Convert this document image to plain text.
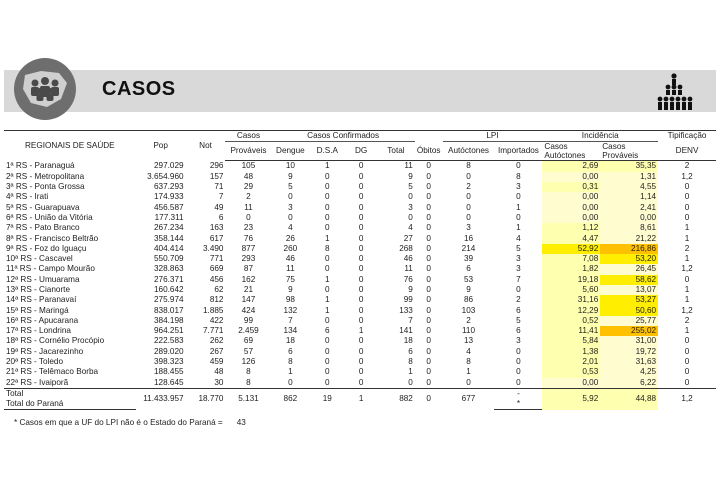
CASOS
REGIONAIS DE SAÚDE	Pop	Not	Casos	Casos Confirmados					LPI		Incidência		Tipificação
			Prováveis	Dengue	D.S.A	DG	Total	Óbitos	Autóctones	Importados	Casos Autóctones	Casos Prováveis	DENV
1ª RS - Paranaguá	297.029	296	105	10	1	0	11	0	8	0	2,69	35,35	2
2ª RS - Metropolitana	3.654.960	157	48	9	0	0	9	0	0	8	0,00	1,31	1,2
3ª RS - Ponta Grossa	637.293	71	29	5	0	0	5	0	2	3	0,31	4,55	0
4ª RS - Irati	174.933	7	2	0	0	0	0	0	0	0	0,00	1,14	0
5ª RS - Guarapuava	456.587	49	11	3	0	0	3	0	0	1	0,00	2,41	0
6ª RS - União da Vitória	177.311	6	0	0	0	0	0	0	0	0	0,00	0,00	0
7ª RS - Pato Branco	267.234	163	23	4	0	0	4	0	3	1	1,12	8,61	1
8ª RS - Francisco Beltrão	358.144	617	76	26	1	0	27	0	16	4	4,47	21,22	1
9ª RS - Foz do Iguaçu	404.414	3.490	877	260	8	0	268	0	214	5	52,92	216,86	2
10ª RS - Cascavel	550.709	771	293	46	0	0	46	0	39	3	7,08	53,20	1
11ª RS - Campo Mourão	328.863	669	87	11	0	0	11	0	6	3	1,82	26,45	1,2
12ª RS - Umuarama	276.371	456	162	75	1	0	76	0	53	7	19,18	58,62	0
13ª RS - Cianorte	160.642	62	21	9	0	0	9	0	9	0	5,60	13,07	1
14ª RS - Paranavaí	275.974	812	147	98	1	0	99	0	86	2	31,16	53,27	1
15ª RS - Maringá	838.017	1.885	424	132	1	0	133	0	103	6	12,29	50,60	1,2
16ª RS - Apucarana	384.198	422	99	7	0	0	7	0	2	5	0,52	25,77	2
17ª RS - Londrina	964.251	7.771	2.459	134	6	1	141	0	110	6	11,41	255,02	1
18ª RS - Cornélio Procópio	222.583	262	69	18	0	0	18	0	13	3	5,84	31,00	0
19ª RS - Jacarezinho	289.020	267	57	6	0	0	6	0	4	0	1,38	19,72	0
20ª RS - Toledo	398.323	459	126	8	0	0	8	0	8	0	2,01	31,63	0
21ª RS - Telêmaco Borba	188.455	48	8	1	0	0	1	0	1	0	0,53	4,25	0
22ª RS - Ivaiporã	128.645	30	8	0	0	0	0	0	0	0	0,00	6,22	0
Total	11.433.957	18.770	5.131	862	19	1	882	0	677	-	5,92	44,88	1,2
Total do Paraná										*			
* Casos em que a UF do LPI não é o Estado do Paraná = 43
